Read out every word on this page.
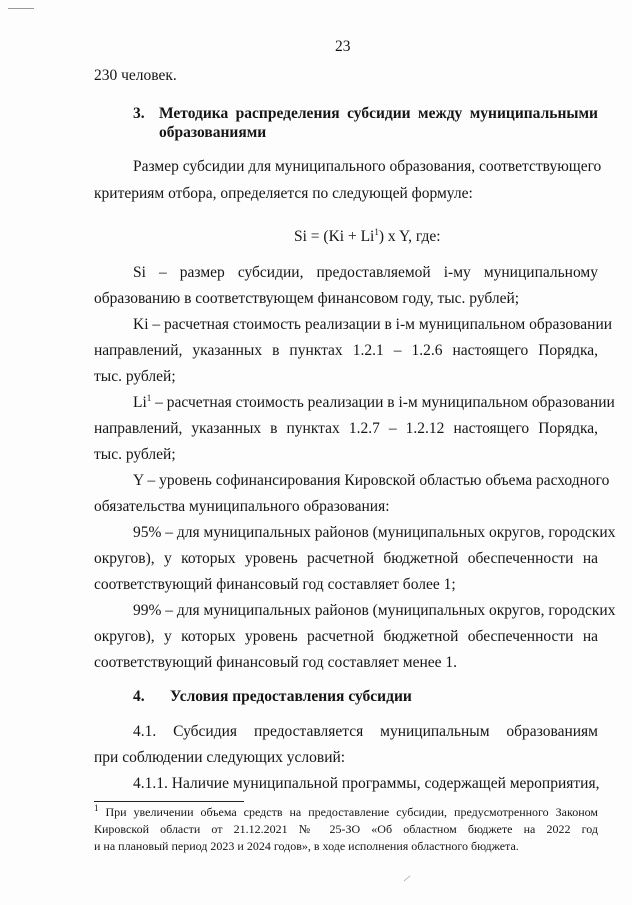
23
230 человек.
3. Методика распределения субсидии между муниципальными
образованиями
Размер субсидии для муниципального образования, соответствующего
критериям отбора, определяется по следующей формуле:
$Si = (Ki + Li^1)$ x Y, где:
Si – размер субсидии, предоставляемой i-му муниципальному
образованию в соответствующем финансовом году, тыс. рублей;
Ki – расчетная стоимость реализации в i-м муниципальном образовании
направлений, указанных в пунктах 1.2.1 – 1.2.6 настоящего Порядка,
тыс. рублей;
Li$^1$ – расчетная стоимость реализации в i-м муниципальном образовании
направлений, указанных в пунктах 1.2.7 – 1.2.12 настоящего Порядка,
тыс. рублей;
Y – уровень софинансирования Кировской областью объема расходного
обязательства муниципального образования:
95% – для муниципальных районов (муниципальных округов, городских
округов), у которых уровень расчетной бюджетной обеспеченности на
соответствующий финансовый год составляет более 1;
99% – для муниципальных районов (муниципальных округов, городских
округов), у которых уровень расчетной бюджетной обеспеченности на
соответствующий финансовый год составляет менее 1.
4. Условия предоставления субсидии
4.1. Субсидия предоставляется муниципальным образованиям
при соблюдении следующих условий:
4.1.1. Наличие муниципальной программы, содержащей мероприятия,
$^1$ При увеличении объема средств на предоставление субсидии, предусмотренного Законом
Кировской области от 21.12.2021 № 25-ЗО «Об областном бюджете на 2022 год
и на плановый период 2023 и 2024 годов», в ходе исполнения областного бюджета.
